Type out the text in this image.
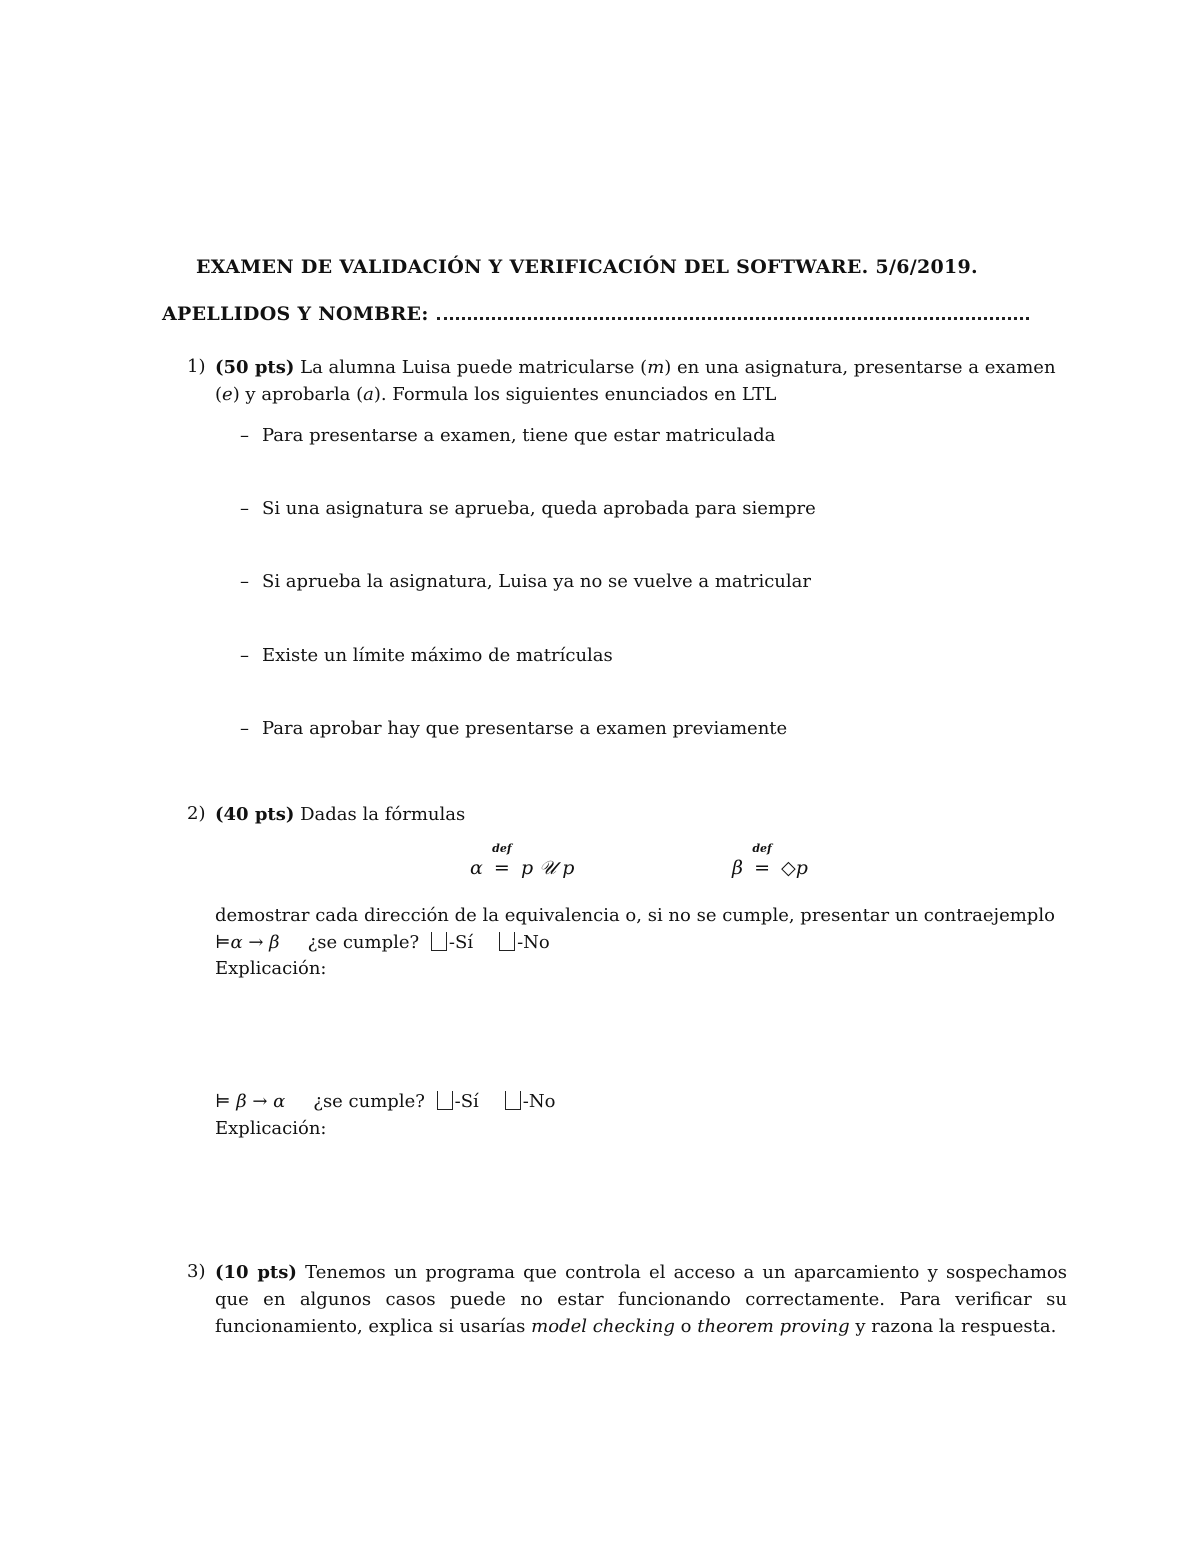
EXAMEN DE VALIDACIÓN Y VERIFICACIÓN DEL SOFTWARE. 5/6/2019.
APELLIDOS Y NOMBRE:
1) (50 pts) La alumna Luisa puede matricularse (m) en una asignatura, presentarse a examen
(e) y aprobarla (a). Formula los siguientes enunciados en LTL
– Para presentarse a examen, tiene que estar matriculada
– Si una asignatura se aprueba, queda aprobada para siempre
– Si aprueba la asignatura, Luisa ya no se vuelve a matricular
– Existe un límite máximo de matrículas
– Para aprobar hay que presentarse a examen previamente
2) (40 pts) Dadas la fórmulas
α
def
= p 𝒰 p	β
def
= ◇p
demostrar cada dirección de la equivalencia o, si no se cumple, presentar un contraejemplo
⊨α → β ¿se cumple? -Sí -No
Explicación:
⊨ β → α ¿se cumple? -Sí -No
Explicación:
3) (10 pts) Tenemos un programa que controla el acceso a un aparcamiento y sospechamos que en algunos casos puede no estar funcionando correctamente. Para verificar su funcionamiento, explica si usarías model checking o theorem proving y razona la respuesta.
